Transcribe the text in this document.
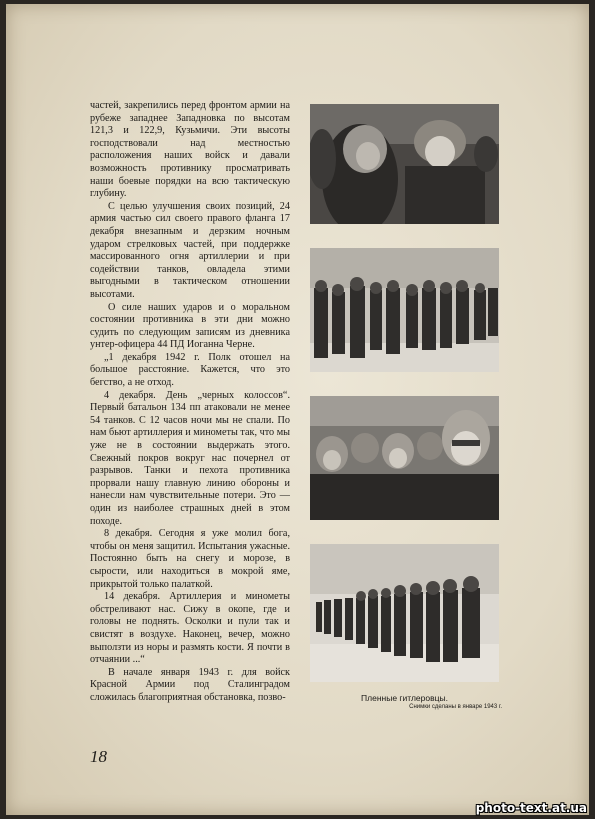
частей, закрепились перед фронтом армии на рубеже западнее Западновка по высотам 121,3 и 122,9, Кузьмичи. Эти высоты господствовали над местностью расположения наших войск и давали возможность противнику просматривать наши боевые порядки на всю тактическую глубину.

С целью улучшения своих позиций, 24 армия частью сил своего правого фланга 17 декабря внезапным и дерзким ночным ударом стрелковых частей, при поддержке массированного огня артиллерии и при содействии танков, овладела этими выгодными в тактическом отношении высотами.

О силе наших ударов и о моральном состоянии противника в эти дни можно судить по следующим записям из дневника унтер-офицера 44 ПД Иоганна Черне.

„1 декабря 1942 г. Полк отошел на большое расстояние. Кажется, что это бегство, а не отход.

4 декабря. День „черных колоссов“. Первый батальон 134 пп атаковали не менее 54 танков. С 12 часов ночи мы не спали. По нам бьют артиллерия и минометы так, что мы уже не в состоянии выдержать этого. Свежный покров вокруг нас почернел от разрывов. Танки и пехота противника прорвали нашу главную линию обороны и нанесли нам чувствительные потери. Это — один из наиболее страшных дней в этом походе.

8 декабря. Сегодня я уже молил бога, чтобы он меня защитил. Испытания ужасные. Постоянно быть на снегу и морозе, в сырости, или находиться в мокрой яме, прикрытой только палаткой.

14 декабря. Артиллерия и минометы обстреливают нас. Сижу в окопе, где и головы не поднять. Осколки и пули так и свистят в воздухе. Наконец, вечер, можно выползти из норы и размять кости. Я почти в отчаянии ...“

В начале января 1943 г. для войск Красной Армии под Сталинградом сложилась благоприятная обстановка, позво-	Пленные гитлеровцы.
Снимки сделаны в январе 1943 г.
18
photo-text.at.ua
